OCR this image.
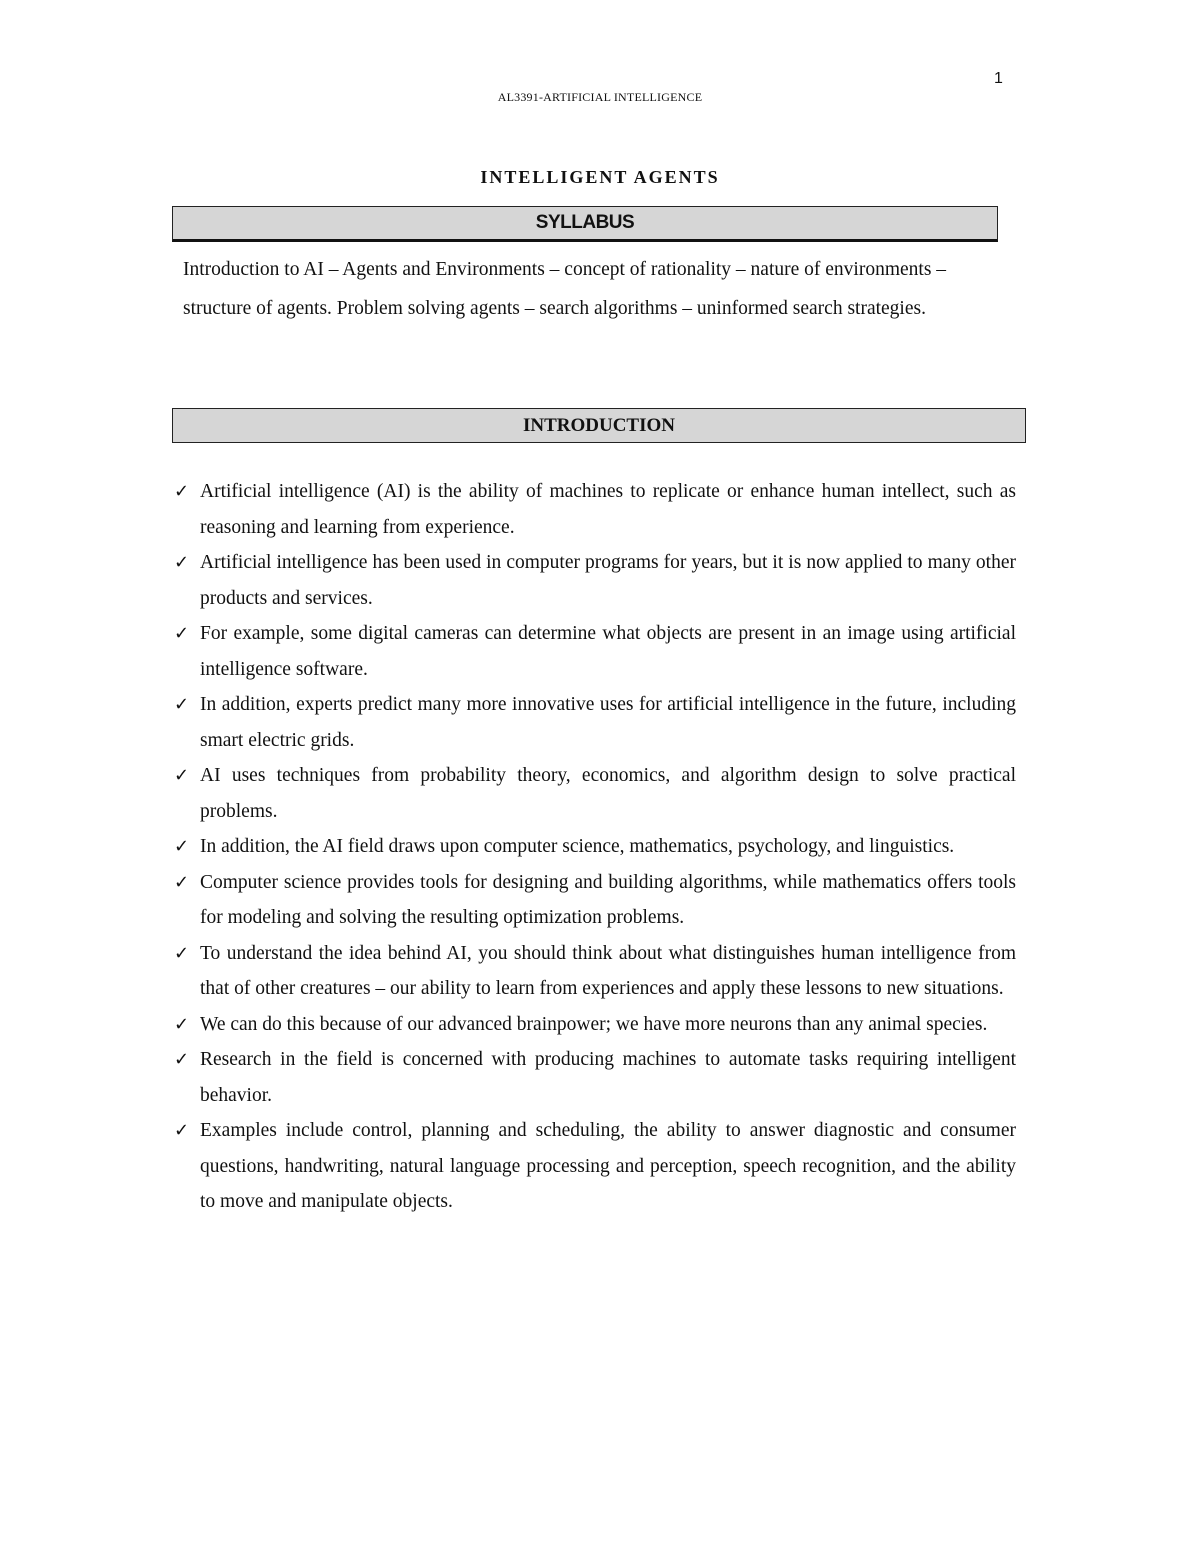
1
AL3391-ARTIFICIAL INTELLIGENCE
INTELLIGENT AGENTS
SYLLABUS

Introduction to AI – Agents and Environments – concept of rationality – nature of environments – structure of agents. Problem solving agents – search algorithms – uninformed search strategies.

INTRODUCTION
✓ Artificial intelligence (AI) is the ability of machines to replicate or enhance human intellect, such as reasoning and learning from experience.
✓ Artificial intelligence has been used in computer programs for years, but it is now applied to many other products and services.
✓ For example, some digital cameras can determine what objects are present in an image using artificial intelligence software.
✓ In addition, experts predict many more innovative uses for artificial intelligence in the future, including smart electric grids.
✓ AI uses techniques from probability theory, economics, and algorithm design to solve practical problems.
✓ In addition, the AI field draws upon computer science, mathematics, psychology, and linguistics.
✓ Computer science provides tools for designing and building algorithms, while mathematics offers tools for modeling and solving the resulting optimization problems.
✓ To understand the idea behind AI, you should think about what distinguishes human intelligence from that of other creatures – our ability to learn from experiences and apply these lessons to new situations.
✓ We can do this because of our advanced brainpower; we have more neurons than any animal species.
✓ Research in the field is concerned with producing machines to automate tasks requiring intelligent behavior.
✓ Examples include control, planning and scheduling, the ability to answer diagnostic and consumer questions, handwriting, natural language processing and perception, speech recognition, and the ability to move and manipulate objects.
